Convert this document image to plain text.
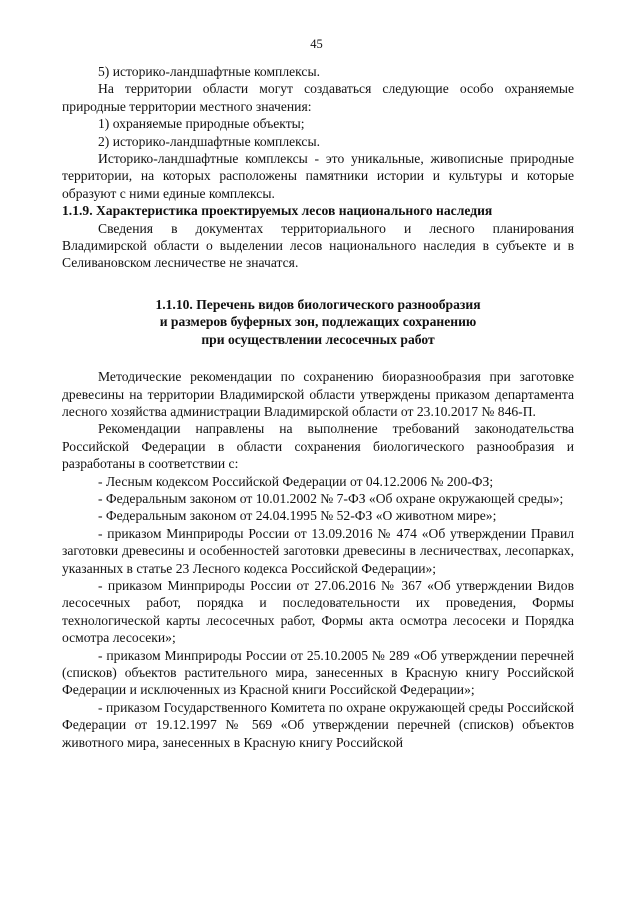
45

5) историко-ландшафтные комплексы.

На территории области могут создаваться следующие особо охраняемые природные территории местного значения:

1) охраняемые природные объекты;

2) историко-ландшафтные комплексы.

Историко-ландшафтные комплексы - это уникальные, живописные природные территории, на которых расположены памятники истории и культуры и которые образуют с ними единые комплексы.

1.1.9. Характеристика проектируемых лесов национального наследия

Сведения в документах территориального и лесного планирования Владимирской области о выделении лесов национального наследия в субъекте и в Селивановском лесничестве не значатся.

1.1.10. Перечень видов биологического разнообразия
и размеров буферных зон, подлежащих сохранению
при осуществлении лесосечных работ

Методические рекомендации по сохранению биоразнообразия при заготовке древесины на территории Владимирской области утверждены приказом департамента лесного хозяйства администрации Владимирской области от 23.10.2017 № 846-П.

Рекомендации направлены на выполнение требований законодательства Российской Федерации в области сохранения биологического разнообразия и разработаны в соответствии с:

- Лесным кодексом Российской Федерации от 04.12.2006 № 200-ФЗ;

- Федеральным законом от 10.01.2002 № 7-ФЗ «Об охране окружающей среды»;

- Федеральным законом от 24.04.1995 № 52-ФЗ «О животном мире»;

- приказом Минприроды России от 13.09.2016 № 474 «Об утверждении Правил заготовки древесины и особенностей заготовки древесины в лесничествах, лесопарках, указанных в статье 23 Лесного кодекса Российской Федерации»;

- приказом Минприроды России от 27.06.2016 № 367 «Об утверждении Видов лесосечных работ, порядка и последовательности их проведения, Формы технологической карты лесосечных работ, Формы акта осмотра лесосеки и Порядка осмотра лесосеки»;

- приказом Минприроды России от 25.10.2005 № 289 «Об утверждении перечней (списков) объектов растительного мира, занесенных в Красную книгу Российской Федерации и исключенных из Красной книги Российской Федерации»;

- приказом Государственного Комитета по охране окружающей среды Российской Федерации от 19.12.1997 № 569 «Об утверждении перечней (списков) объектов животного мира, занесенных в Красную книгу Российской
